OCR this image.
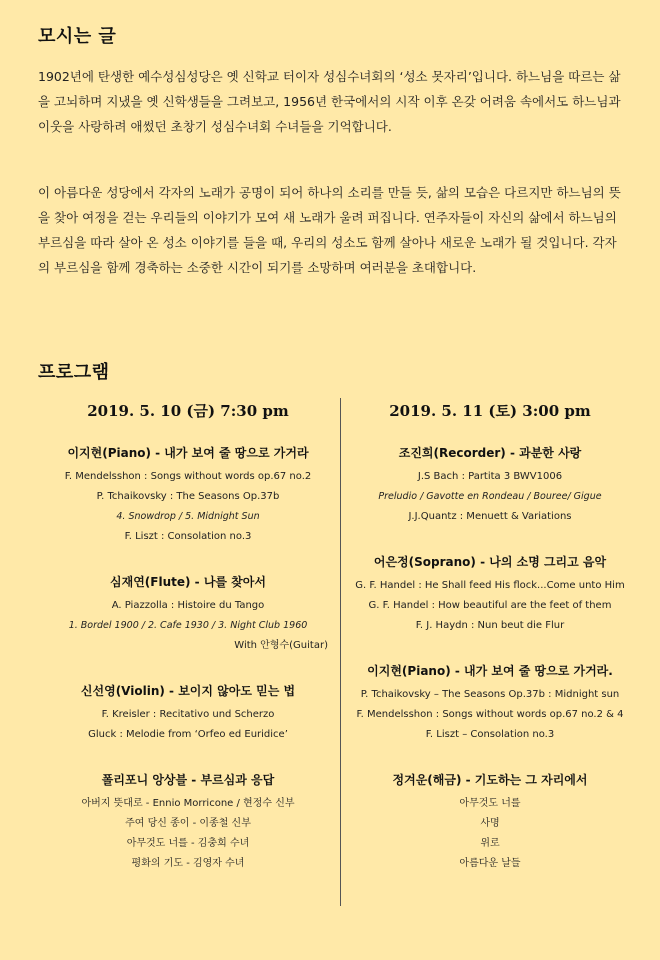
모시는 글

1902년에 탄생한 예수성심성당은 옛 신학교 터이자 성심수녀회의 ‘성소 못자리’입니다. 하느님을 따르는 삶을 고뇌하며 지냈을 옛 신학생들을 그려보고, 1956년 한국에서의 시작 이후 온갖 어려움 속에서도 하느님과 이웃을 사랑하려 애썼던 초창기 성심수녀회 수녀들을 기억합니다.

이 아름다운 성당에서 각자의 노래가 공명이 되어 하나의 소리를 만들 듯, 삶의 모습은 다르지만 하느님의 뜻을 찾아 여정을 걷는 우리들의 이야기가 모여 새 노래가 울려 퍼집니다. 연주자들이 자신의 삶에서 하느님의 부르심을 따라 살아 온 성소 이야기를 들을 때, 우리의 성소도 함께 살아나 새로운 노래가 될 것입니다. 각자의 부르심을 함께 경축하는 소중한 시간이 되기를 소망하며 여러분을 초대합니다.

프로그램
2019. 5. 10 (금) 7:30 pm
이지현(Piano) - 내가 보여 줄 땅으로 가거라
F. Mendelsshon : Songs without words op.67 no.2
P. Tchaikovsky : The Seasons Op.37b
4. Snowdrop / 5. Midnight Sun
F. Liszt : Consolation no.3
심재연(Flute) - 나를 찾아서
A. Piazzolla : Histoire du Tango
1. Bordel 1900 / 2. Cafe 1930 / 3. Night Club 1960
With 안형수(Guitar)
신선영(Violin) - 보이지 않아도 믿는 법
F. Kreisler : Recitativo und Scherzo
Gluck : Melodie from ‘Orfeo ed Euridice’
폴리포니 앙상블 - 부르심과 응답
아버지 뜻대로 - Ennio Morricone / 현정수 신부
주여 당신 종이 - 이종철 신부
아무것도 너를 - 김충희 수녀
평화의 기도 - 김영자 수녀
2019. 5. 11 (토) 3:00 pm
조진희(Recorder) - 과분한 사랑
J.S Bach : Partita 3 BWV1006
Preludio / Gavotte en Rondeau / Bouree/ Gigue
J.J.Quantz : Menuett & Variations
어은정(Soprano) - 나의 소명 그리고 음악
G. F. Handel : He Shall feed His flock...Come unto Him
G. F. Handel : How beautiful are the feet of them
F. J. Haydn : Nun beut die Flur
이지현(Piano) - 내가 보여 줄 땅으로 가거라.
P. Tchaikovsky – The Seasons Op.37b : Midnight sun
F. Mendelsshon : Songs without words op.67 no.2 & 4
F. Liszt – Consolation no.3
정겨운(해금) - 기도하는 그 자리에서
아무것도 너를
사명
위로
아름다운 날들
